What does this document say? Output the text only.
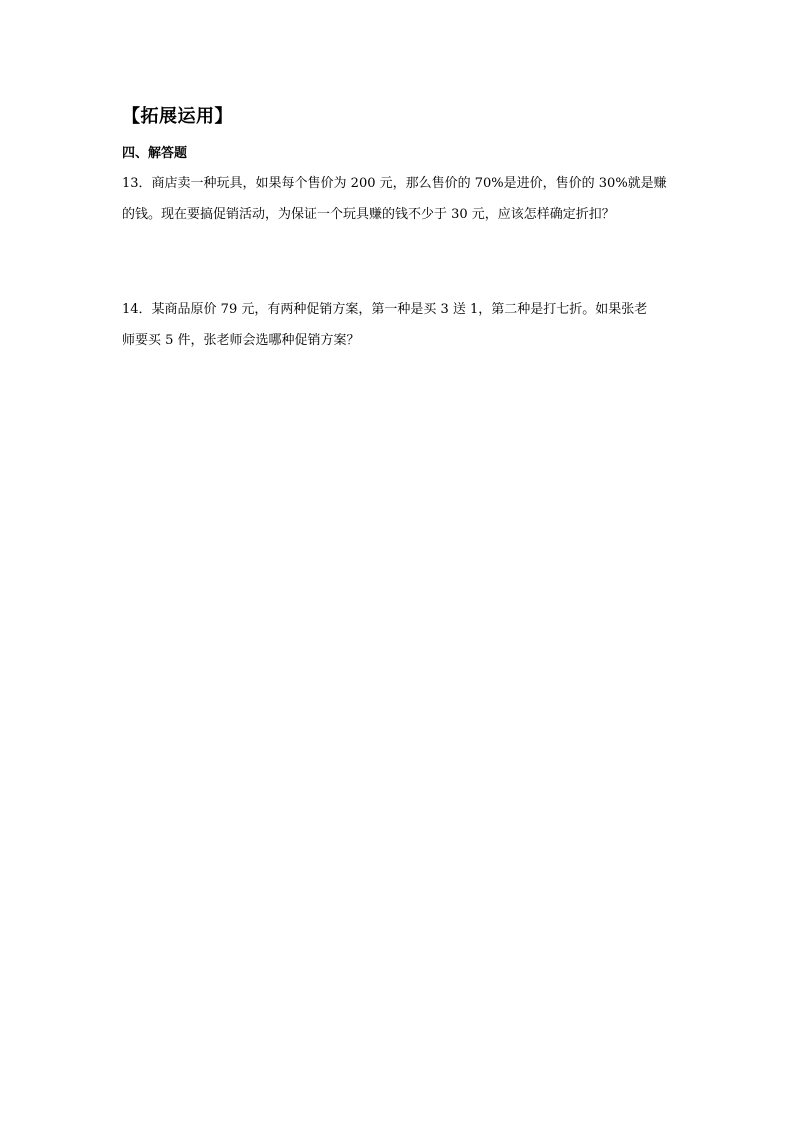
【拓展运用】
四、解答题
13．商店卖一种玩具，如果每个售价为 200 元，那么售价的 70%是进价，售价的 30%就是赚
的钱。现在要搞促销活动，为保证一个玩具赚的钱不少于 30 元，应该怎样确定折扣？
14．某商品原价 79 元，有两种促销方案，第一种是买 3 送 1，第二种是打七折。如果张老
师要买 5 件，张老师会选哪种促销方案？
